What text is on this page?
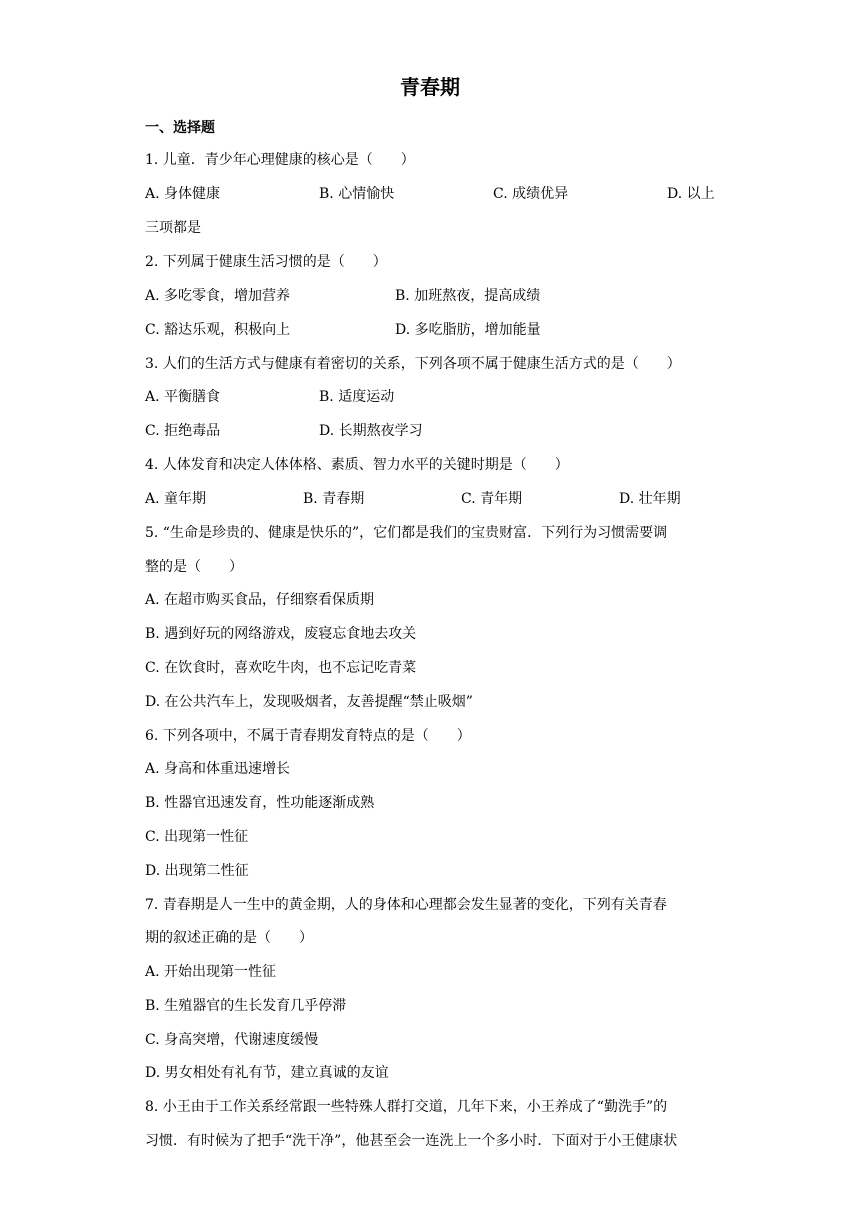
青春期
一、选择题
1. 儿童．青少年心理健康的核心是（　　）
A. 身体健康	B. 心情愉快	C. 成绩优异	D. 以上
三项都是
2. 下列属于健康生活习惯的是（　　）
A. 多吃零食，增加营养	B. 加班熬夜，提高成绩
C. 豁达乐观，积极向上	D. 多吃脂肪，增加能量
3. 人们的生活方式与健康有着密切的关系，下列各项不属于健康生活方式的是（　　）
A. 平衡膳食	B. 适度运动
C. 拒绝毒品	D. 长期熬夜学习
4. 人体发育和决定人体体格、素质、智力水平的关键时期是（　　）
A. 童年期	B. 青春期	C. 青年期	D. 壮年期
5. “生命是珍贵的、健康是快乐的”，它们都是我们的宝贵财富．下列行为习惯需要调
整的是（　　）
A. 在超市购买食品，仔细察看保质期
B. 遇到好玩的网络游戏，废寝忘食地去攻关
C. 在饮食时，喜欢吃牛肉，也不忘记吃青菜
D. 在公共汽车上，发现吸烟者，友善提醒“禁止吸烟”
6. 下列各项中，不属于青春期发育特点的是（　　）
A. 身高和体重迅速增长
B. 性器官迅速发育，性功能逐渐成熟
C. 出现第一性征
D. 出现第二性征
7. 青春期是人一生中的黄金期，人的身体和心理都会发生显著的变化，下列有关青春
期的叙述正确的是（　　）
A. 开始出现第一性征
B. 生殖器官的生长发育几乎停滞
C. 身高突增，代谢速度缓慢
D. 男女相处有礼有节，建立真诚的友谊
8. 小王由于工作关系经常跟一些特殊人群打交道，几年下来，小王养成了“勤洗手”的
习惯．有时候为了把手“洗干净”，他甚至会一连洗上一个多小时．下面对于小王健康状
